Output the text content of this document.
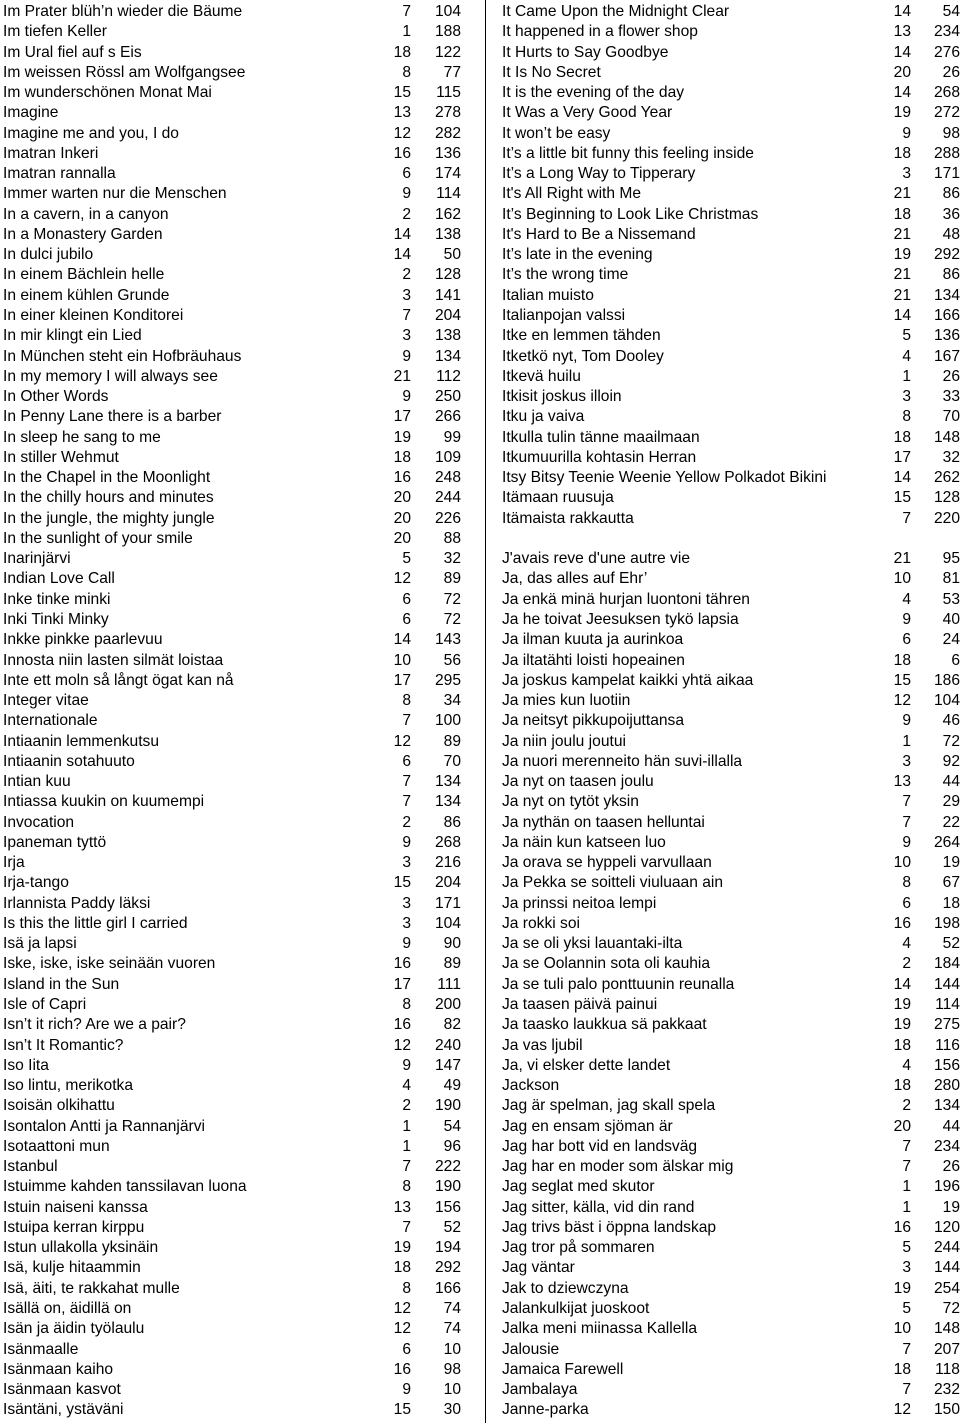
Im Prater blüh’n wieder die Bäume	7 104
Im tiefen Keller	1 188
Im Ural fiel auf s Eis	18 122
Im weissen Rössl am Wolfgangsee	8 77
Im wunderschönen Monat Mai	15 115
Imagine	13 278
Imagine me and you, I do	12 282
Imatran Inkeri	16 136
Imatran rannalla	6 174
Immer warten nur die Menschen	9 114
In a cavern, in a canyon	2 162
In a Monastery Garden	14 138
In dulci jubilo	14 50
In einem Bächlein helle	2 128
In einem kühlen Grunde	3 141
In einer kleinen Konditorei	7 204
In mir klingt ein Lied	3 138
In München steht ein Hofbräuhaus	9 134
In my memory I will always see	21 112
In Other Words	9 250
In Penny Lane there is a barber	17 266
In sleep he sang to me	19 99
In stiller Wehmut	18 109
In the Chapel in the Moonlight	16 248
In the chilly hours and minutes	20 244
In the jungle, the mighty jungle	20 226
In the sunlight of your smile	20 88
Inarinjärvi	5 32
Indian Love Call	12 89
Inke tinke minki	6 72
Inki Tinki Minky	6 72
Inkke pinkke paarlevuu	14 143
Innosta niin lasten silmät loistaa	10 56
Inte ett moln så långt ögat kan nå	17 295
Integer vitae	8 34
Internationale	7 100
Intiaanin lemmenkutsu	12 89
Intiaanin sotahuuto	6 70
Intian kuu	7 134
Intiassa kuukin on kuumempi	7 134
Invocation	2 86
Ipaneman tyttö	9 268
Irja	3 216
Irja-tango	15 204
Irlannista Paddy läksi	3 171
Is this the little girl I carried	3 104
Isä ja lapsi	9 90
Iske, iske, iske seinään vuoren	16 89
Island in the Sun	17 111
Isle of Capri	8 200
Isn’t it rich? Are we a pair?	16 82
Isn’t It Romantic?	12 240
Iso Iita	9 147
Iso lintu, merikotka	4 49
Isoisän olkihattu	2 190
Isontalon Antti ja Rannanjärvi	1 54
Isotaattoni mun	1 96
Istanbul	7 222
Istuimme kahden tanssilavan luona	8 190
Istuin naiseni kanssa	13 156
Istuipa kerran kirppu	7 52
Istun ullakolla yksinäin	19 194
Isä, kulje hitaammin	18 292
Isä, äiti, te rakkahat mulle	8 166
Isällä on, äidillä on	12 74
Isän ja äidin työlaulu	12 74
Isänmaalle	6 10
Isänmaan kaiho	16 98
Isänmaan kasvot	9 10
Isäntäni, ystäväni	15 30
It Came Upon the Midnight Clear	14 54
It happened in a flower shop	13 234
It Hurts to Say Goodbye	14 276
It Is No Secret	20 26
It is the evening of the day	14 268
It Was a Very Good Year	19 272
It won’t be easy	9 98
It’s a little bit funny this feeling inside	18 288
It’s a Long Way to Tipperary	3 171
It's All Right with Me	21 86
It’s Beginning to Look Like Christmas	18 36
It's Hard to Be a Nissemand	21 48
It’s late in the evening	19 292
It’s the wrong time	21 86
Italian muisto	21 134
Italianpojan valssi	14 166
Itke en lemmen tähden	5 136
Itketkö nyt, Tom Dooley	4 167
Itkevä huilu	1 26
Itkisit joskus illoin	3 33
Itku ja vaiva	8 70
Itkulla tulin tänne maailmaan	18 148
Itkumuurilla kohtasin Herran	17 32
Itsy Bitsy Teenie Weenie Yellow Polkadot Bikini	14 262
Itämaan ruusuja	15 128
Itämaista rakkautta	7 220
J'avais reve d'une autre vie	21 95
Ja, das alles auf Ehr’	10 81
Ja enkä minä hurjan luontoni tähren	4 53
Ja he toivat Jeesuksen tykö lapsia	9 40
Ja ilman kuuta ja aurinkoa	6 24
Ja iltatähti loisti hopeainen	18	6
Ja joskus kampelat kaikki yhtä aikaa	15 186
Ja mies kun luotiin	12 104
Ja neitsyt pikkupoijuttansa	9 46
Ja niin joulu joutui	1 72
Ja nuori merenneito hän suvi-illalla	3 92
Ja nyt on taasen joulu	13 44
Ja nyt on tytöt yksin	7 29
Ja nythän on taasen helluntai	7 22
Ja näin kun katseen luo	9 264
Ja orava se hyppeli varvullaan	10 19
Ja Pekka se soitteli viuluaan ain	8 67
Ja prinssi neitoa lempi	6 18
Ja rokki soi	16 198
Ja se oli yksi lauantaki-ilta	4 52
Ja se Oolannin sota oli kauhia	2 184
Ja se tuli palo ponttuunin reunalla	14 144
Ja taasen päivä painui	19 114
Ja taasko laukkua sä pakkaat	19 275
Ja vas ljubil	18 116
Ja, vi elsker dette landet	4 156
Jackson	18 280
Jag är spelman, jag skall spela	2 134
Jag en ensam sjöman är	20 44
Jag har bott vid en landsväg	7 234
Jag har en moder som älskar mig	7 26
Jag seglat med skutor	1 196
Jag sitter, källa, vid din rand	1 19
Jag trivs bäst i öppna landskap	16 120
Jag tror på sommaren	5 244
Jag väntar	3 144
Jak to dziewczyna	19 254
Jalankulkijat juoskoot	5 72
Jalka meni miinassa Kallella	10 148
Jalousie	7 207
Jamaica Farewell	18 118
Jambalaya	7 232
Janne-parka	12 150
